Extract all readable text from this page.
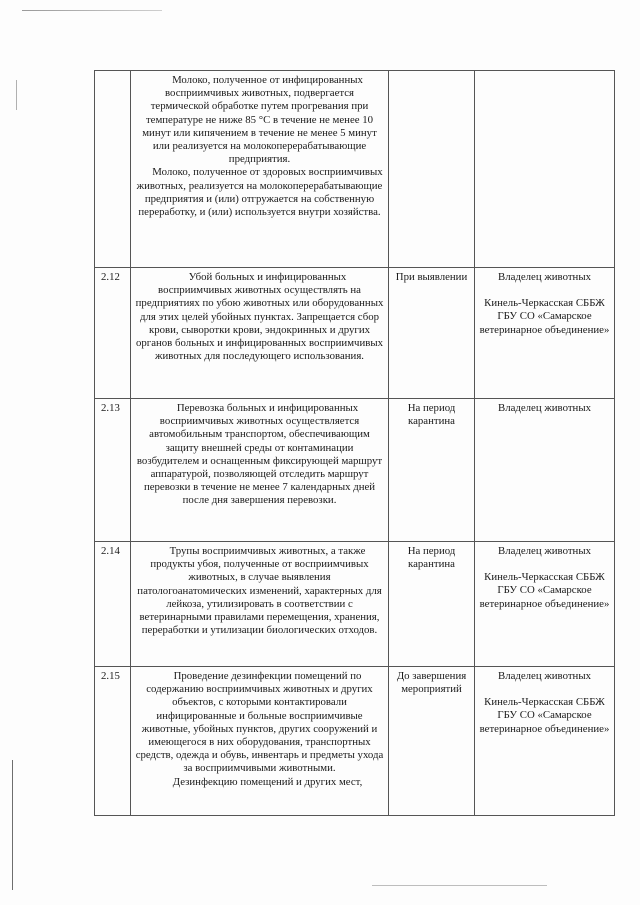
	Молоко, полученное от инфицированных восприимчивых животных, подвергается термической обработке путем прогревания при температуре не ниже 85 °C в течение не менее 10 минут или кипячением в течение не менее 5 минут или реализуется на молокоперерабатывающие предприятия.
Молоко, полученное от здоровых восприимчивых животных, реализуется на молокоперерабатывающие предприятия и (или) отгружается на собственную переработку, и (или) используется внутри хозяйства.		

2.12	Убой больных и инфицированных восприимчивых животных осуществлять на предприятиях по убою животных или оборудованных для этих целей убойных пунктах. Запрещается сбор крови, сыворотки крови, эндокринных и других органов больных и инфицированных восприимчивых животных для последующего использования.	При выявлении	Владелец животных
Кинель-Черкасская СББЖ ГБУ СО «Самарское ветеринарное объединение»

2.13	Перевозка больных и инфицированных восприимчивых животных осуществляется автомобильным транспортом, обеспечивающим защиту внешней среды от контаминации возбудителем и оснащенным фиксирующей маршрут аппаратурой, позволяющей отследить маршрут перевозки в течение не менее 7 календарных дней после дня завершения перевозки.	На период карантина	Владелец животных

2.14	Трупы восприимчивых животных, а также продукты убоя, полученные от восприимчивых животных, в случае выявления патологоанатомических изменений, характерных для лейкоза, утилизировать в соответствии с ветеринарными правилами перемещения, хранения, переработки и утилизации биологических отходов.	На период карантина	Владелец животных
Кинель-Черкасская СББЖ ГБУ СО «Самарское ветеринарное объединение»

2.15	Проведение дезинфекции помещений по содержанию восприимчивых животных и других объектов, с которыми контактировали инфицированные и больные восприимчивые животные, убойных пунктов, других сооружений и имеющегося в них оборудования, транспортных средств, одежда и обувь, инвентарь и предметы ухода за восприимчивыми животными.
Дезинфекцию помещений и других мест,	До завершения мероприятий	Владелец животных
Кинель-Черкасская СББЖ ГБУ СО «Самарское ветеринарное объединение»
